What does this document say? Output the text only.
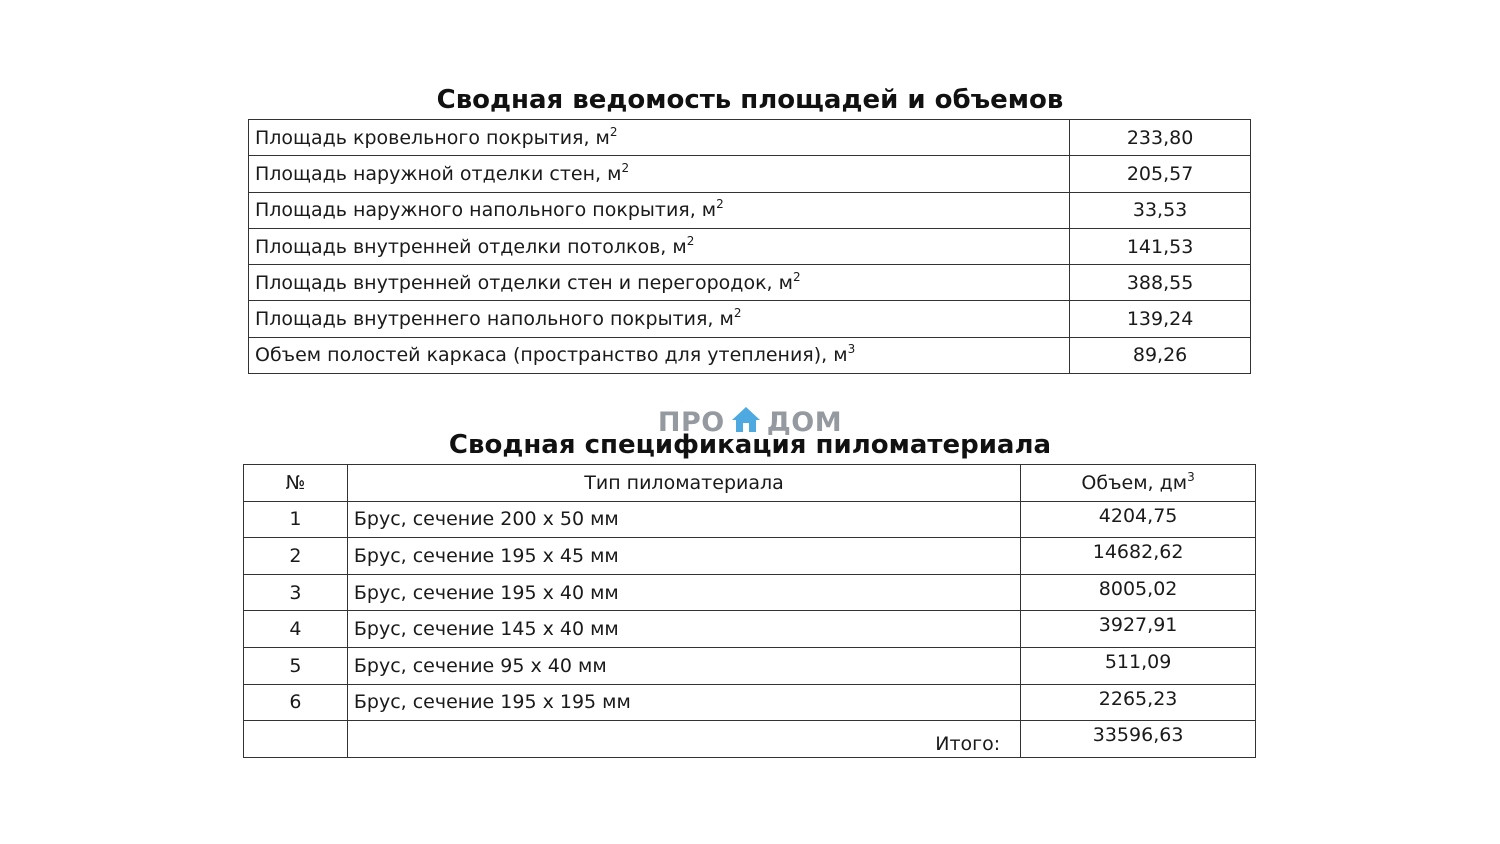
Сводная ведомость площадей и объемов
Площадь кровельного покрытия, $м^2$	233,80
Площадь наружной отделки стен, $м^2$	205,57
Площадь наружного напольного покрытия, $м^2$	33,53
Площадь внутренней отделки потолков, $м^2$	141,53
Площадь внутренней отделки стен и перегородок, $м^2$	388,55
Площадь внутреннего напольного покрытия, $м^2$	139,24
Объем полостей каркаса (пространство для утепления), $м^3$	89,26
ПРО ДОМ
Сводная спецификация пиломатериала
№	Тип пиломатериала	Объем, $дм^3$
1	Брус, сечение 200 х 50 мм	4204,75
2	Брус, сечение 195 х 45 мм	14682,62
3	Брус, сечение 195 х 40 мм	8005,02
4	Брус, сечение 145 х 40 мм	3927,91
5	Брус, сечение 95 х 40 мм	511,09
6	Брус, сечение 195 х 195 мм	2265,23
	Итого:	33596,63
